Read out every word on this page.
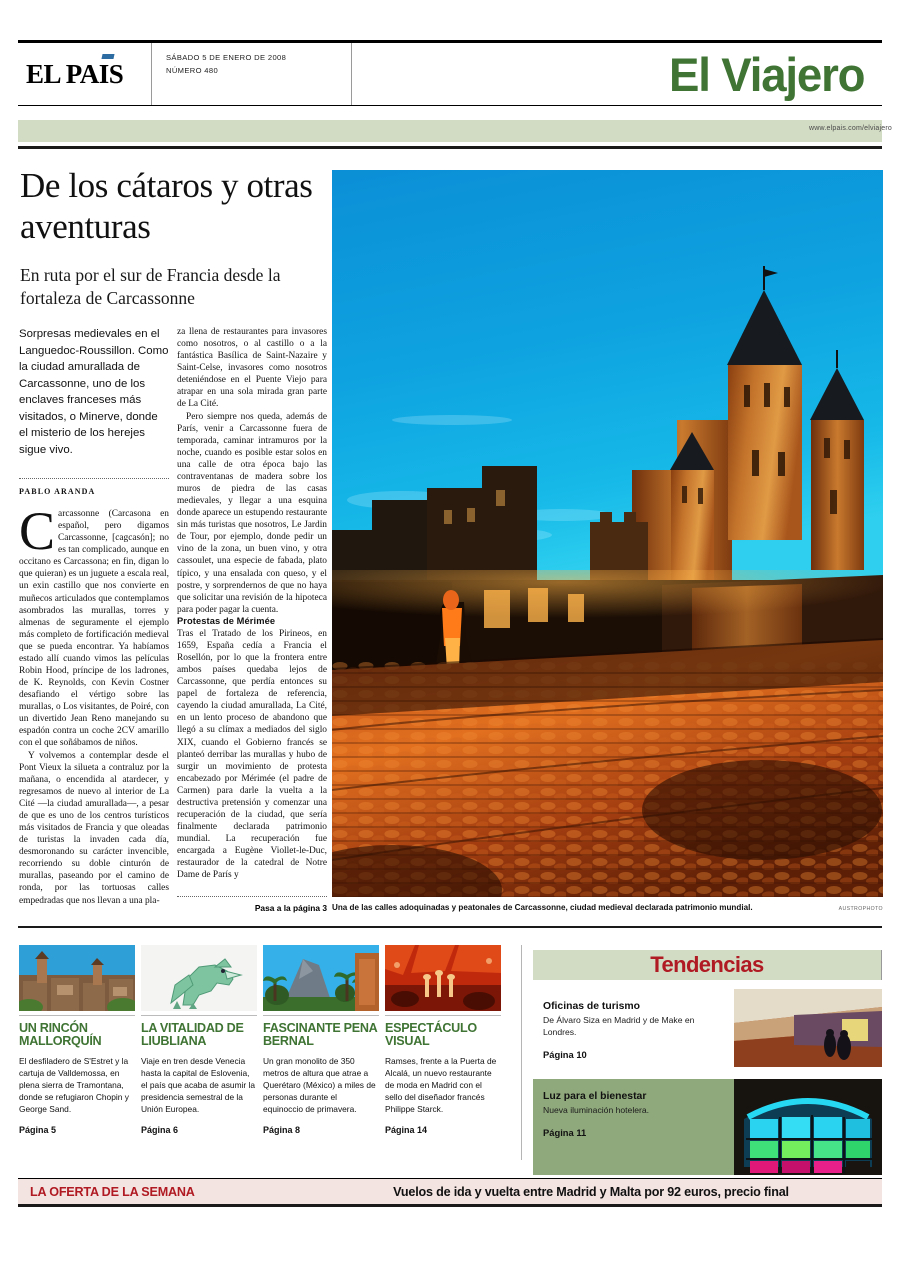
EL PAIS
SÁBADO 5 DE ENERO DE 2008
NÚMERO 480	El Viajero
www.elpais.com/elviajero
De los cátaros y otras aventuras
En ruta por el sur de Francia desde la fortaleza de Carcassonne
Sorpresas medievales en el Languedoc-Roussillon. Como la ciudad amurallada de Carcassonne, uno de los enclaves franceses más visitados, o Minerve, donde el misterio de los herejes sigue vivo.
PABLO ARANDA

Carcassonne (Carcasona en español, pero digamos Carcassonne, [cagcasón]; no es tan complicado, aunque en occitano es Carcassona; en fin, digan lo que quieran) es un juguete a escala real, un exin castillo que nos convierte en muñecos articulados que contemplamos asombrados las murallas, torres y almenas de seguramente el ejemplo más completo de fortificación medieval que se pueda encontrar. Ya habíamos estado allí cuando vimos las películas Robin Hood, príncipe de los ladrones, de K. Reynolds, con Kevin Costner desafiando el vértigo sobre las murallas, o Los visitantes, de Poiré, con un divertido Jean Reno manejando su espadón contra un coche 2CV amarillo con el que soñábamos de niños.

Y volvemos a contemplar desde el Pont Vieux la silueta a contraluz por la mañana, o encendida al atardecer, y regresamos de nuevo al interior de La Cité —la ciudad amurallada—, a pesar de que es uno de los centros turísticos más visitados de Francia y que oleadas de turistas la invaden cada día, desmoronando su carácter invencible, recorriendo su doble cinturón de murallas, paseando por el camino de ronda, por las tortuosas calles empedradas que nos llevan a una pla-

za llena de restaurantes para invasores como nosotros, o al castillo o a la fantástica Basílica de Saint-Nazaire y Saint-Celse, invasores como nosotros deteniéndose en el Puente Viejo para atrapar en una sola mirada gran parte de La Cité.

Pero siempre nos queda, además de París, venir a Carcassonne fuera de temporada, caminar intramuros por la noche, cuando es posible estar solos en una calle de otra época bajo las contraventanas de madera sobre los muros de piedra de las casas medievales, y llegar a una esquina donde aparece un estupendo restaurante sin más turistas que nosotros, Le Jardin de Tour, por ejemplo, donde pedir un vino de la zona, un buen vino, y otra cassoulet, una especie de fabada, plato típico, y una ensalada con queso, y el postre, y sorprendernos de que no haya que solicitar una revisión de la hipoteca para poder pagar la cuenta.

Protestas de Mérimée

Tras el Tratado de los Pirineos, en 1659, España cedía a Francia el Rosellón, por lo que la frontera entre ambos países quedaba lejos de Carcassonne, que perdía entonces su papel de fortaleza de referencia, cayendo la ciudad amurallada, La Cité, en un lento proceso de abandono que llegó a su clímax a mediados del siglo XIX, cuando el Gobierno francés se planteó derribar las murallas y hubo de surgir un movimiento de protesta encabezado por Mérimée (el padre de Carmen) para darle la vuelta a la destructiva pretensión y comenzar una recuperación de la ciudad, que sería finalmente declarada patrimonio mundial. La recuperación fue encargada a Eugène Viollet-le-Duc, restaurador de la catedral de Notre Dame de París y

Pasa a la página 3 Una de las calles adoquinadas y peatonales de Carcassonne, ciudad medieval declarada patrimonio mundial.	AUSTROPHOTO
UN RINCÓN MALLORQUÍN
El desfiladero de S'Estret y la cartuja de Valldemossa, en plena sierra de Tramontana, donde se refugiaron Chopin y George Sand.
Página 5
LA VITALIDAD DE LIUBLIANA
Viaje en tren desde Venecia hasta la capital de Eslovenia, el país que acaba de asumir la presidencia semestral de la Unión Europea.
Página 6
FASCINANTE PENA BERNAL
Un gran monolito de 350 metros de altura que atrae a Querétaro (México) a miles de personas durante el equinoccio de primavera.
Página 8
ESPECTÁCULO VISUAL
Ramses, frente a la Puerta de Alcalá, un nuevo restaurante de moda en Madrid con el sello del diseñador francés Philippe Starck.
Página 14
Tendencias
Oficinas de turismo
De Álvaro Siza en Madrid y de Make en Londres.
Página 10
Luz para el bienestar
Nueva iluminación hotelera.
Página 11
LA OFERTA DE LA SEMANA	Vuelos de ida y vuelta entre Madrid y Malta por 92 euros, precio final
